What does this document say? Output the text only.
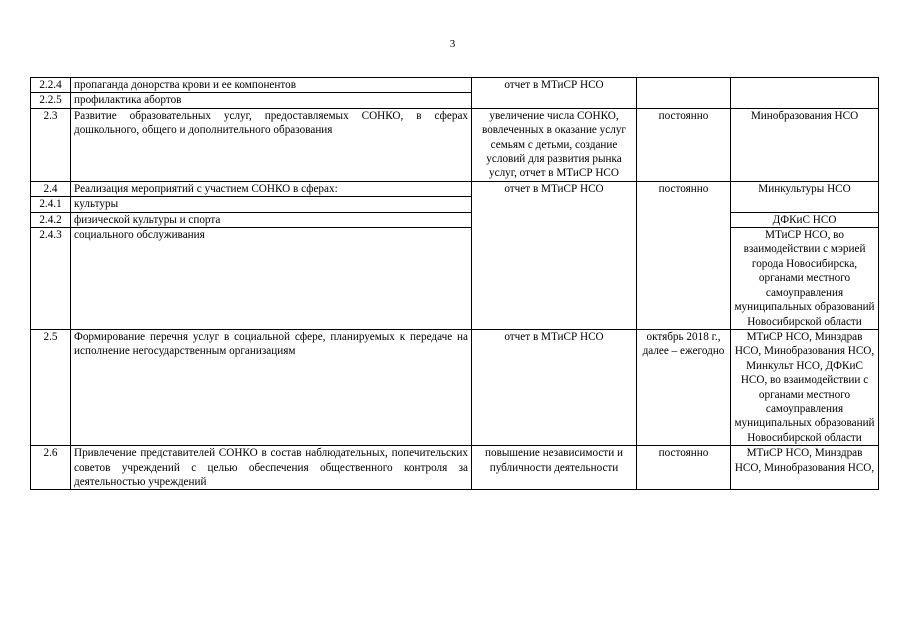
3
2.2.4	пропаганда донорства крови и ее компонентов	отчет в МТиСР НСО		
2.2.5	профилактика абортов			
2.3	Развитие образовательных услуг, предоставляемых СОНКО, в сферах дошкольного, общего и дополнительного образования	увеличение числа СОНКО, вовлеченных в оказание услуг семьям с детьми, создание условий для развития рынка услуг, отчет в МТиСР НСО	постоянно	Минобразования НСО
2.4	Реализация мероприятий с участием СОНКО в сферах:	отчет в МТиСР НСО	постоянно	Минкультуры НСО
2.4.1	культуры			
2.4.2	физической культуры и спорта			ДФКиС НСО
2.4.3	социального обслуживания			МТиСР НСО, во взаимодействии с мэрией города Новосибирска, органами местного самоуправления муниципальных образований Новосибирской области
2.5	Формирование перечня услуг в социальной сфере, планируемых к передаче на исполнение негосударственным организациям	отчет в МТиСР НСО	октябрь 2018 г., далее – ежегодно	МТиСР НСО, Минздрав НСО, Минобразования НСО, Минкульт НСО, ДФКиС НСО, во взаимодействии с органами местного самоуправления муниципальных образований Новосибирской области
2.6	Привлечение представителей СОНКО в состав наблюдательных, попечительских советов учреждений с целью обеспечения общественного контроля за деятельностью учреждений	повышение независимости и публичности деятельности	постоянно	МТиСР НСО, Минздрав НСО, Минобразования НСО,
